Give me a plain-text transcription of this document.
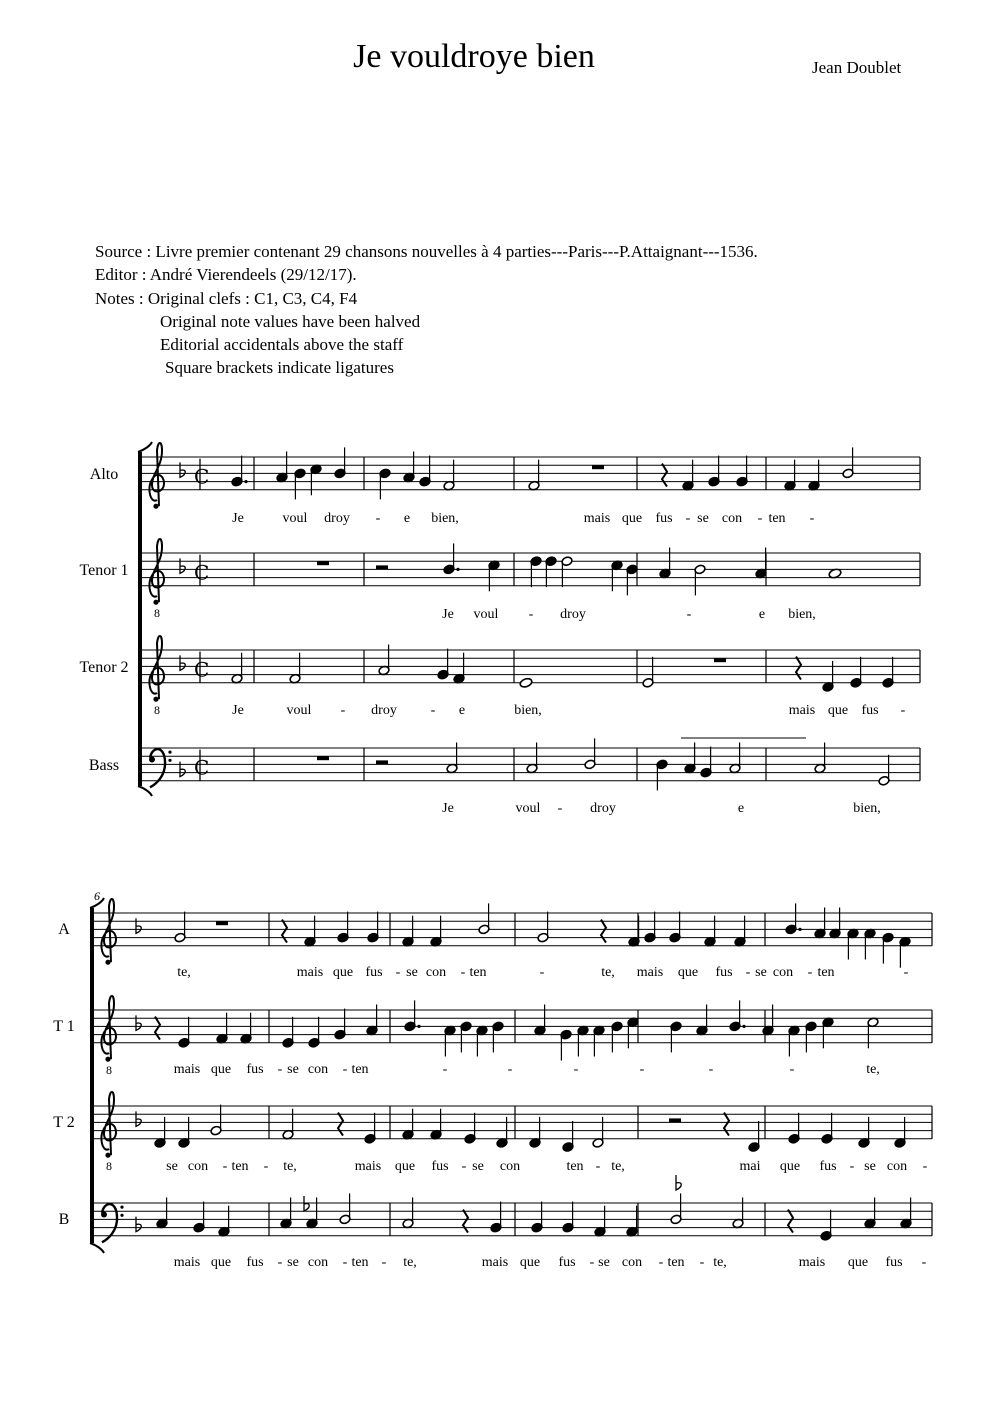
Je vouldroye bien	Jean Doublet
Source : Livre premier contenant 29 chansons nouvelles à 4 parties---Paris---P.Attaignant---1536.
Editor : André Vierendeels (29/12/17).
Notes : Original clefs : C1, C3, C4, F4
Original note values have been halved
Editorial accidentals above the staff
Square brackets indicate ligatures
C
Alto
Je	voul droy - e bien,	mais que fus - se con - ten -
8
C
Tenor 1
Je voul - droy	-	e bien,
8
C
Tenor 2
Je	voul - droy - e	bien,	mais que fus -
C
Bass
Je	voul - droy	e	bien,
6
A
te,	mais que fus - se con - ten	-	te, mais que fus - se con - ten	-
8
T 1
mais que fus - se con - ten	-	-	-	-	-	-	te,
8
T 2
se con - ten - te,	mais que fus - se con	ten - te,	mai que fus - se con -
B
mais que fus - se con - ten - te,	mais que fus - se con - ten - te,	mais que fus -
